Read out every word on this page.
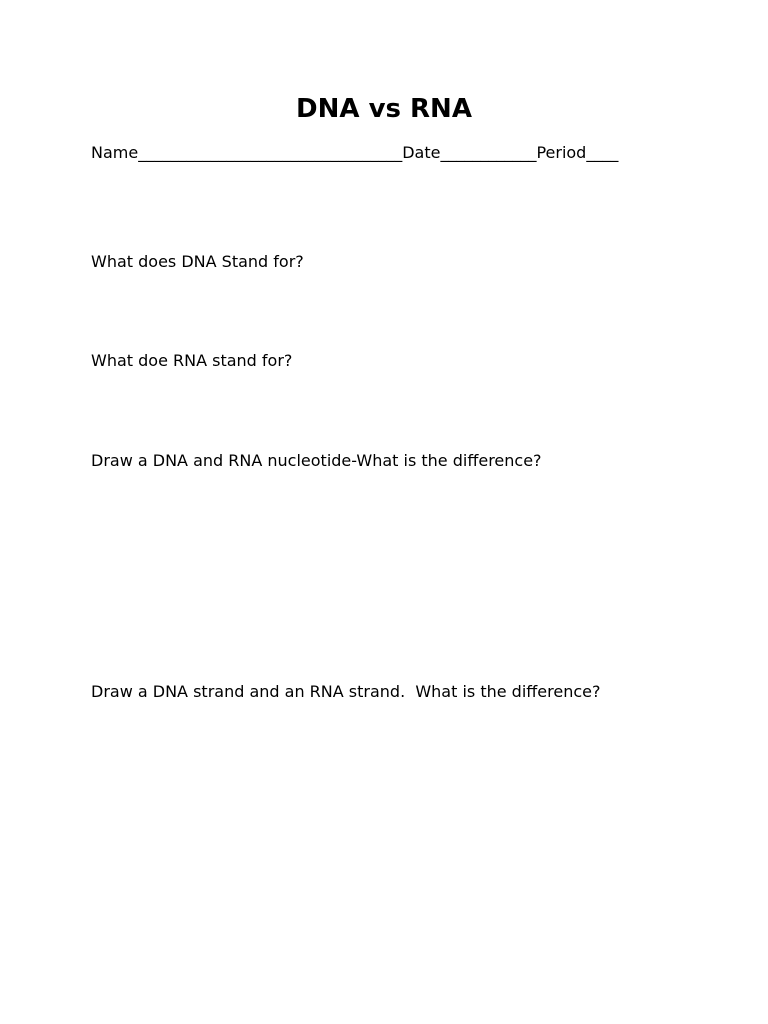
DNA vs RNA
Name_________________________________Date____________Period____

What does DNA Stand for?

What doe RNA stand for?

Draw a DNA and RNA nucleotide-What is the difference?

Draw a DNA strand and an RNA strand.  What is the difference?
